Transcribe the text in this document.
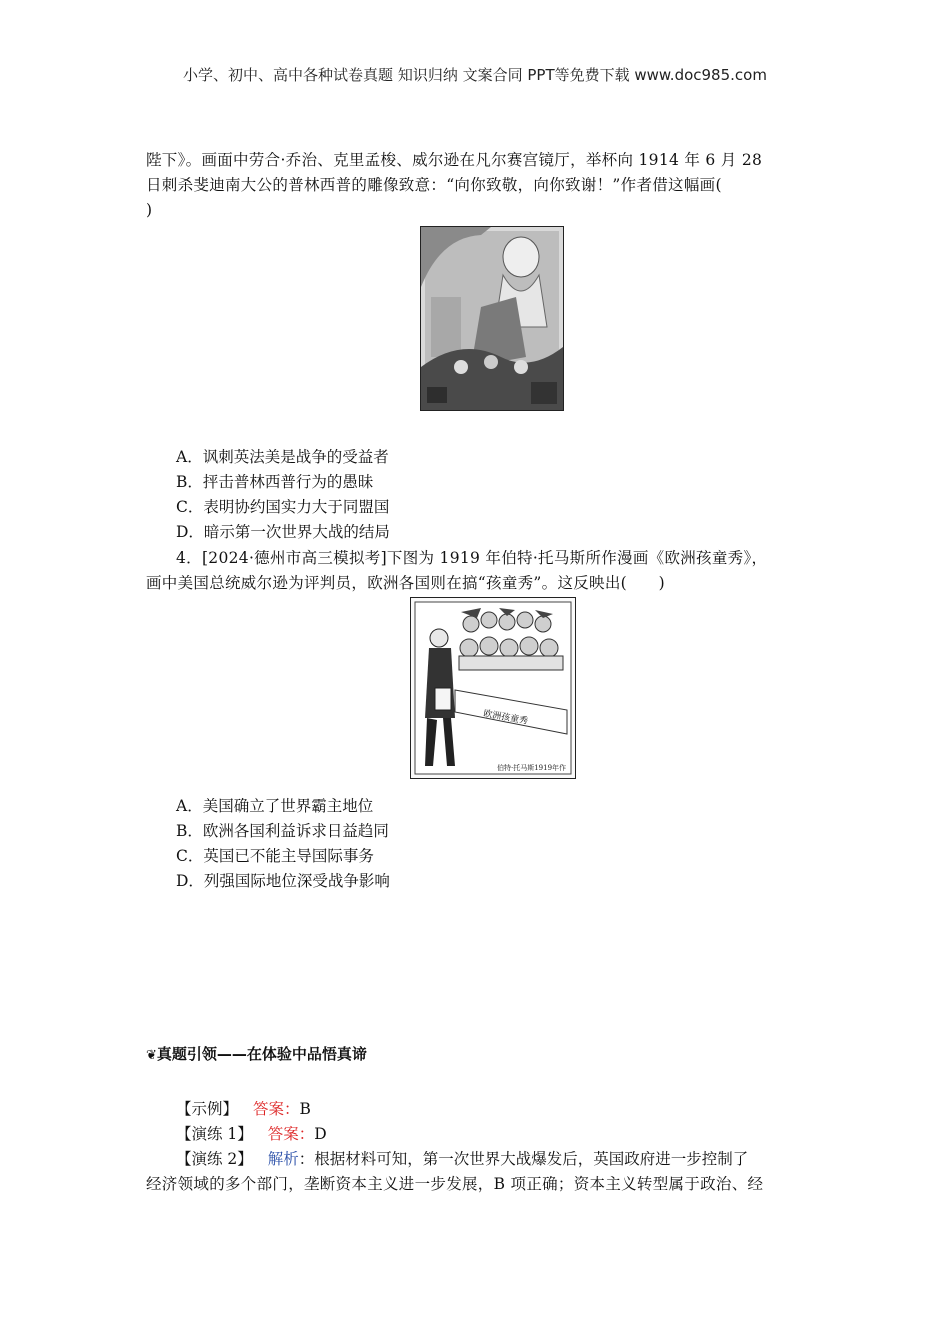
小学、初中、高中各种试卷真题 知识归纳 文案合同 PPT等免费下载 www.doc985.com
陛下》。画面中劳合·乔治、克里孟梭、威尔逊在凡尔赛宫镜厅，举杯向 1914 年 6 月 28
日刺杀斐迪南大公的普林西普的雕像致意：“向你致敬，向你致谢！”作者借这幅画(
)
A．讽刺英法美是战争的受益者
B．抨击普林西普行为的愚昧
C．表明协约国实力大于同盟国
D．暗示第一次世界大战的结局
4．[2024·德州市高三模拟考]下图为 1919 年伯特·托马斯所作漫画《欧洲孩童秀》，
画中美国总统威尔逊为评判员，欧洲各国则在搞“孩童秀”。这反映出(　　)
欧洲孩童秀
伯特·托马斯1919年作
A．美国确立了世界霸主地位
B．欧洲各国利益诉求日益趋同
C．英国已不能主导国际事务
D．列强国际地位深受战争影响
❦真题引领——在体验中品悟真谛
【示例】 答案：B
【演练 1】 答案：D
【演练 2】 解析：根据材料可知，第一次世界大战爆发后，英国政府进一步控制了
经济领域的多个部门，垄断资本主义进一步发展，B 项正确；资本主义转型属于政治、经
